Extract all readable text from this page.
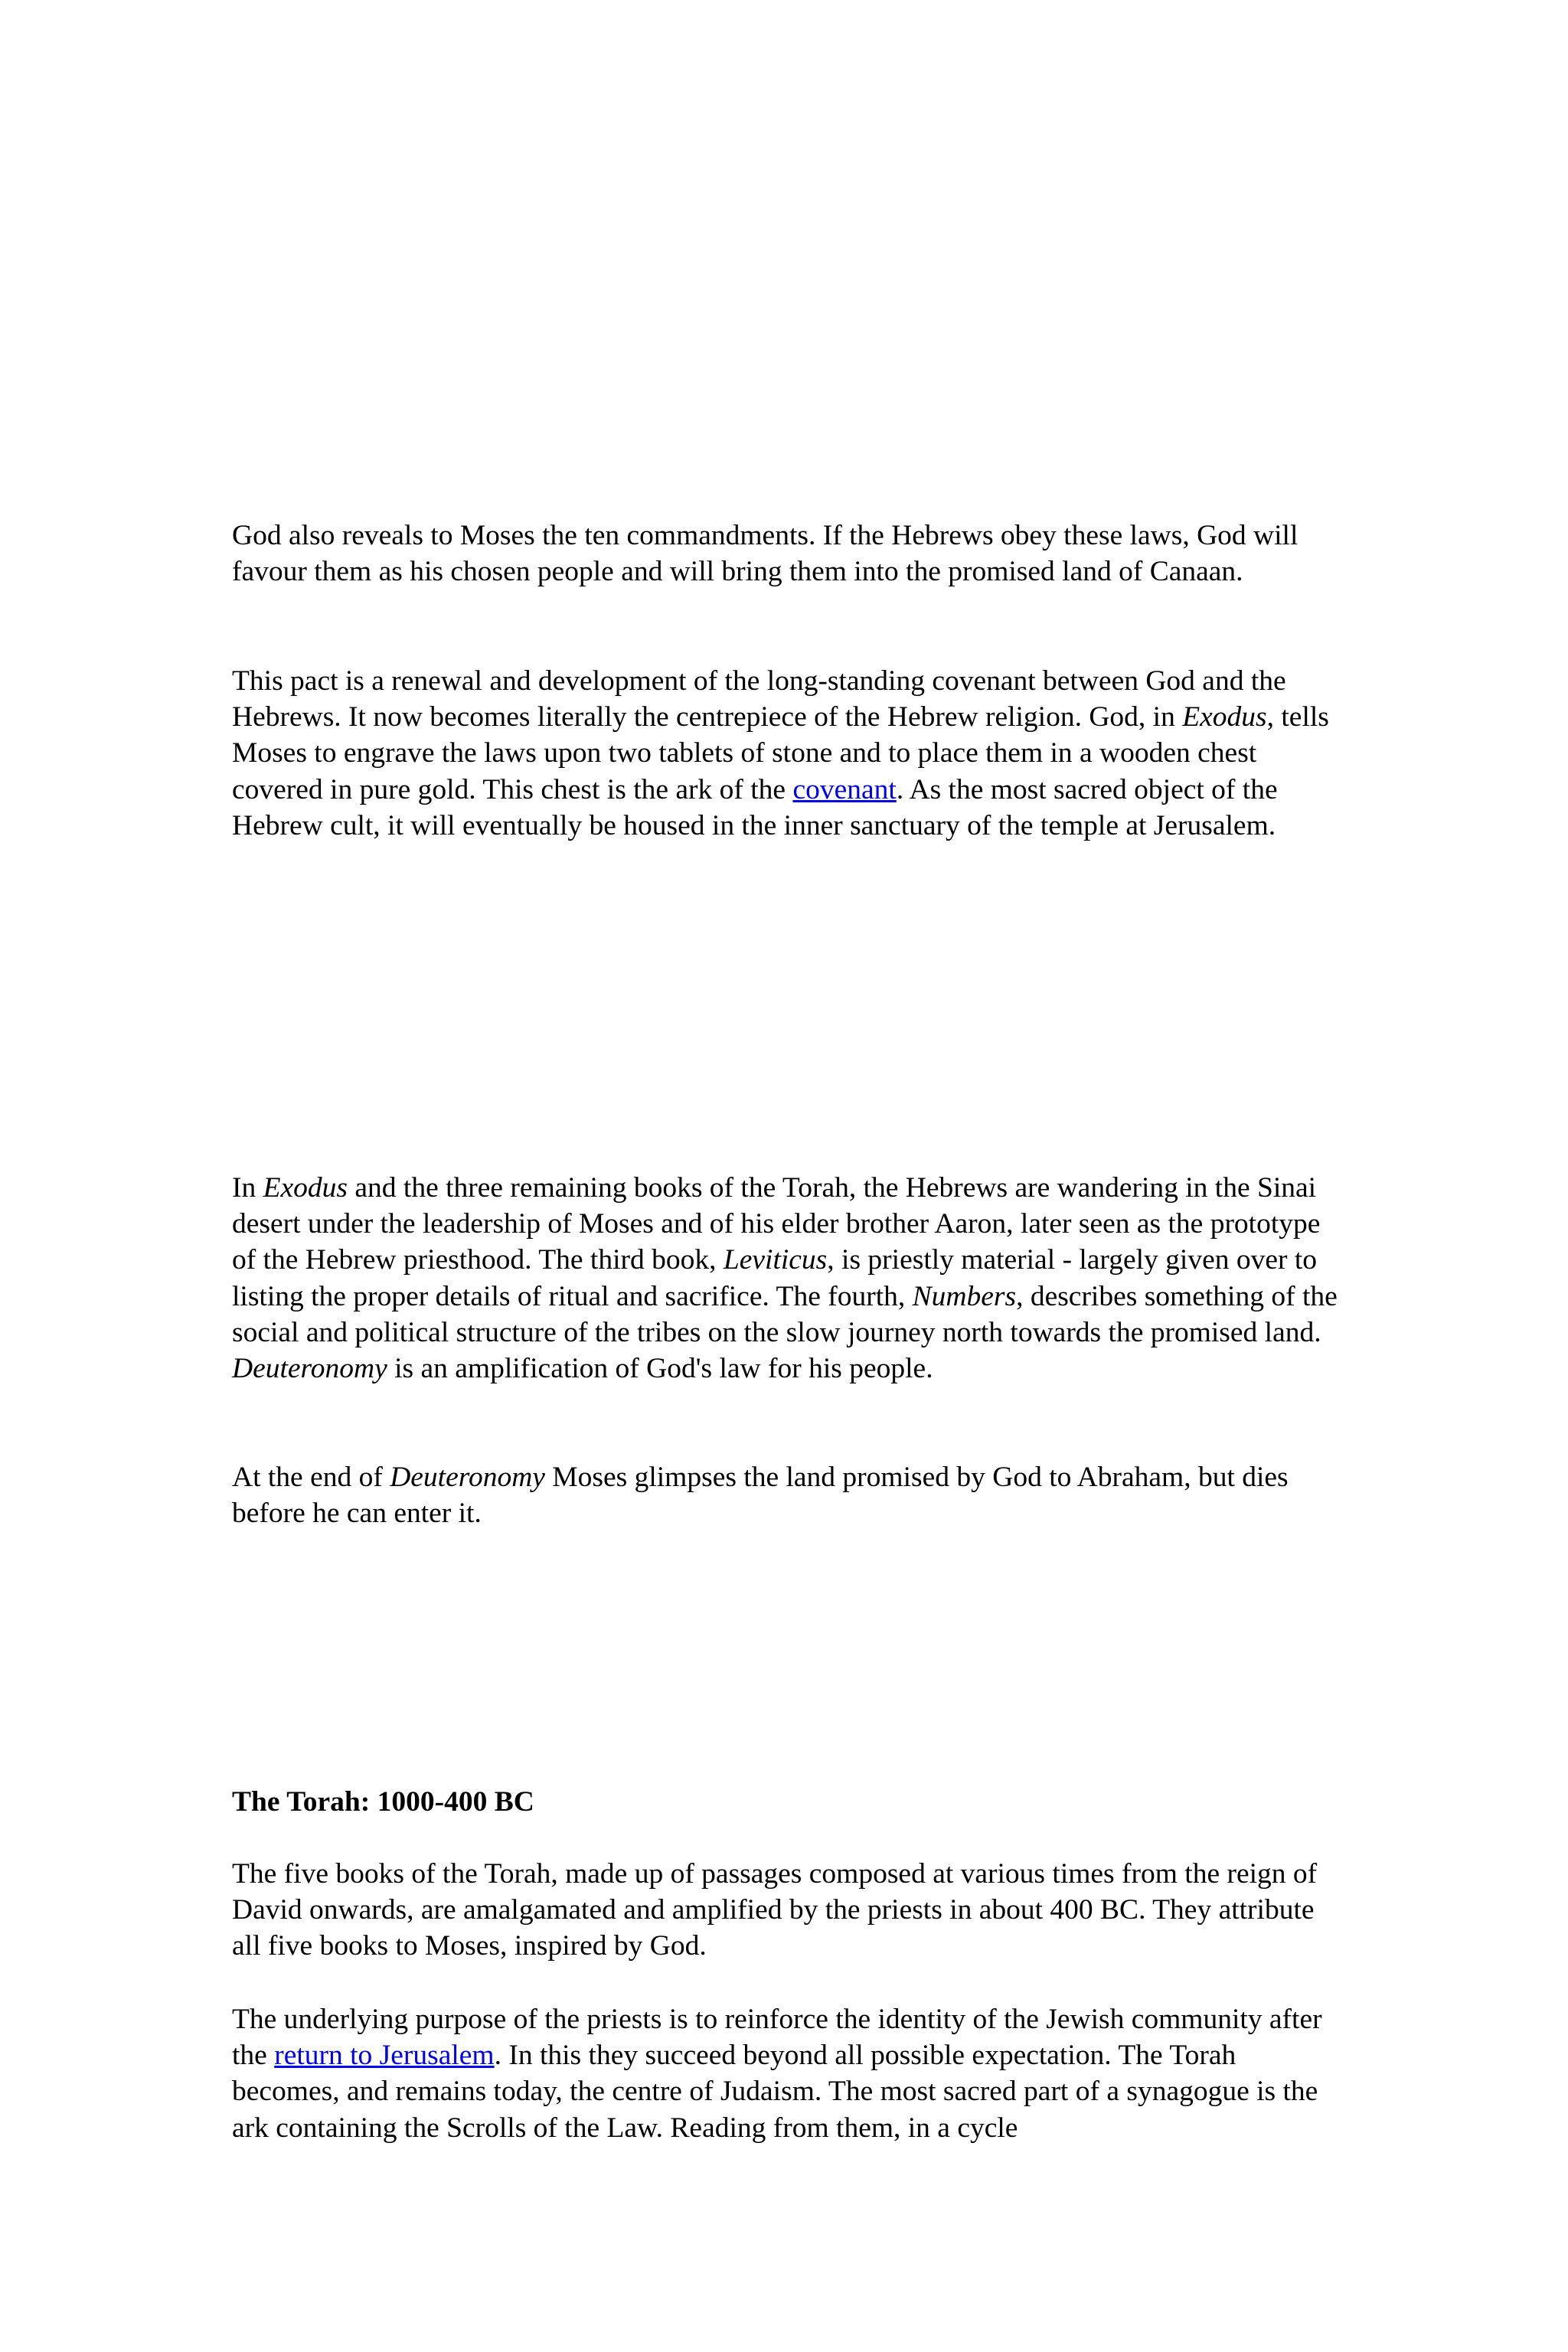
God also reveals to Moses the ten commandments. If the Hebrews obey these laws, God will favour them as his chosen people and will bring them into the promised land of Canaan.

This pact is a renewal and development of the long-standing covenant between God and the Hebrews. It now becomes literally the centrepiece of the Hebrew religion. God, in Exodus, tells Moses to engrave the laws upon two tablets of stone and to place them in a wooden chest covered in pure gold. This chest is the ark of the covenant. As the most sacred object of the Hebrew cult, it will eventually be housed in the inner sanctuary of the temple at Jerusalem.

In Exodus and the three remaining books of the Torah, the Hebrews are wandering in the Sinai desert under the leadership of Moses and of his elder brother Aaron, later seen as the prototype of the Hebrew priesthood. The third book, Leviticus, is priestly material - largely given over to listing the proper details of ritual and sacrifice. The fourth, Numbers, describes something of the social and political structure of the tribes on the slow journey north towards the promised land. Deuteronomy is an amplification of God's law for his people.

At the end of Deuteronomy Moses glimpses the land promised by God to Abraham, but dies before he can enter it.

The Torah: 1000-400 BC

The five books of the Torah, made up of passages composed at various times from the reign of David onwards, are amalgamated and amplified by the priests in about 400 BC. They attribute all five books to Moses, inspired by God.

The underlying purpose of the priests is to reinforce the identity of the Jewish community after the return to Jerusalem. In this they succeed beyond all possible expectation. The Torah becomes, and remains today, the centre of Judaism. The most sacred part of a synagogue is the ark containing the Scrolls of the Law. Reading from them, in a cycle
